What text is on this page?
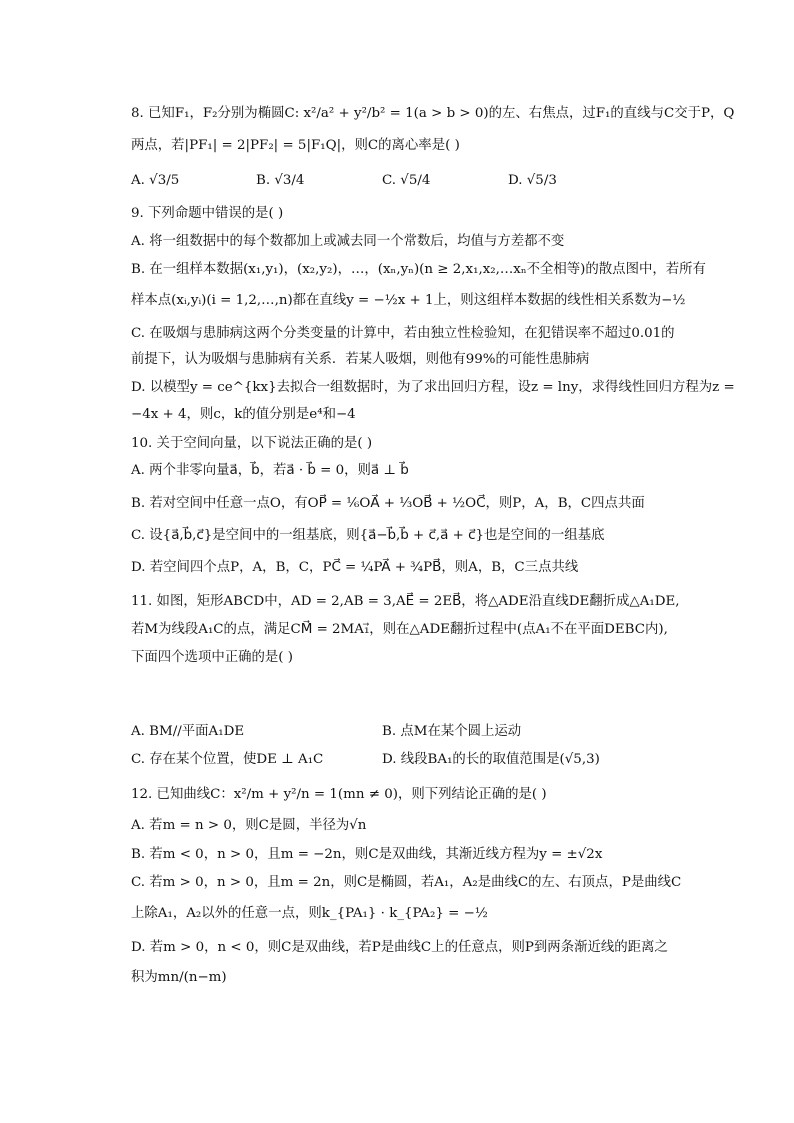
8. 已知F₁，F₂分别为椭圆C: x²/a² + y²/b² = 1(a > b > 0)的左、右焦点，过F₁的直线与C交于P，Q
两点，若|PF₁| = 2|PF₂| = 5|F₁Q|，则C的离心率是( )
A. √3/5	B. √3/4	C. √5/4	D. √5/3
9. 下列命题中错误的是( )
A. 将一组数据中的每个数都加上或减去同一个常数后，均值与方差都不变
B. 在一组样本数据(x₁,y₁)，(x₂,y₂)，…，(xₙ,yₙ)(n ≥ 2,x₁,x₂,…xₙ不全相等)的散点图中，若所有
样本点(xᵢ,yᵢ)(i = 1,2,…,n)都在直线y = −½x + 1上，则这组样本数据的线性相关系数为−½
C. 在吸烟与患肺病这两个分类变量的计算中，若由独立性检验知，在犯错误率不超过0.01的
前提下，认为吸烟与患肺病有关系．若某人吸烟，则他有99%的可能性患肺病
D. 以模型y = ce^{kx}去拟合一组数据时，为了求出回归方程，设z = lny，求得线性回归方程为z =
−4x + 4，则c，k的值分别是e⁴和−4
10. 关于空间向量，以下说法正确的是( )
A. 两个非零向量a⃗，b⃗，若a⃗ · b⃗ = 0，则a⃗ ⊥ b⃗
B. 若对空间中任意一点O，有OP⃗ = ⅙OA⃗ + ⅓OB⃗ + ½OC⃗，则P，A，B，C四点共面
C. 设{a⃗,b⃗,c⃗}是空间中的一组基底，则{a⃗−b⃗,b⃗ + c⃗,a⃗ + c⃗}也是空间的一组基底
D. 若空间四个点P，A，B，C，PC⃗ = ¼PA⃗ + ¾PB⃗，则A，B，C三点共线
11. 如图，矩形ABCD中，AD = 2,AB = 3,AE⃗ = 2EB⃗，将△ADE沿直线DE翻折成△A₁DE,
若M为线段A₁C的点，满足CM⃗ = 2MA₁⃗，则在△ADE翻折过程中(点A₁不在平面DEBC内),
下面四个选项中正确的是( )
A. BM//平面A₁DE	B. 点M在某个圆上运动
C. 存在某个位置，使DE ⊥ A₁C	D. 线段BA₁的长的取值范围是(√5,3)
12. 已知曲线C：x²/m + y²/n = 1(mn ≠ 0)，则下列结论正确的是( )
A. 若m = n > 0，则C是圆，半径为√n
B. 若m < 0，n > 0，且m = −2n，则C是双曲线，其渐近线方程为y = ±√2x
C. 若m > 0，n > 0，且m = 2n，则C是椭圆，若A₁，A₂是曲线C的左、右顶点，P是曲线C
上除A₁，A₂以外的任意一点，则k_{PA₁} · k_{PA₂} = −½
D. 若m > 0，n < 0，则C是双曲线，若P是曲线C上的任意点，则P到两条渐近线的距离之
积为mn/(n−m)
